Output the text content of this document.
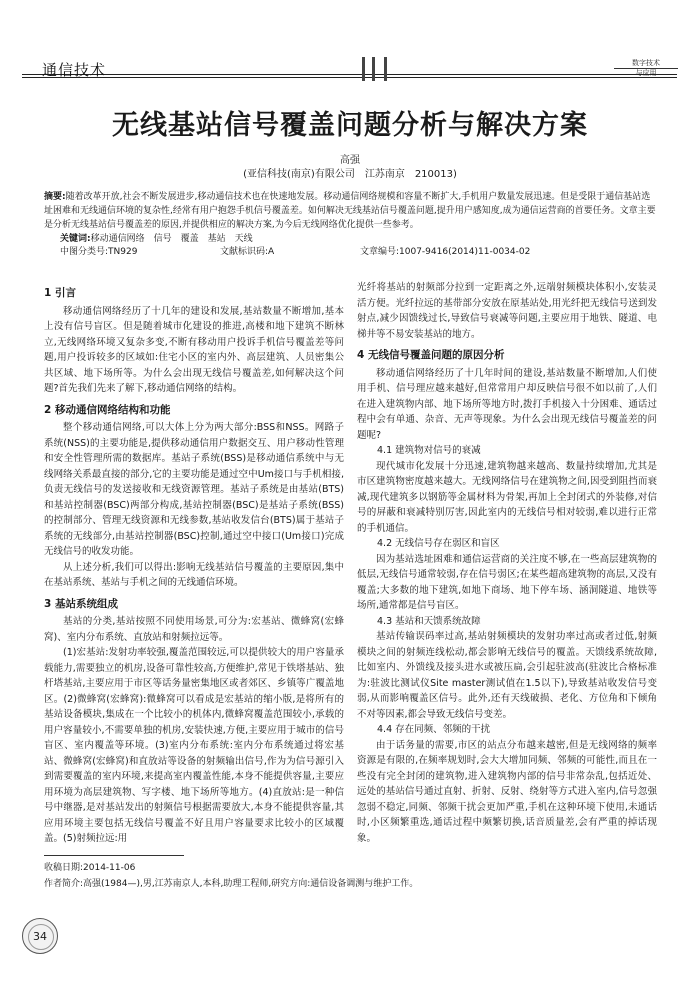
通信技术	数字技术
与应用
无线基站信号覆盖问题分析与解决方案
高强
(亚信科技(南京)有限公司　江苏南京　210013)

摘要:随着改革开放,社会不断发展进步,移动通信技术也在快速地发展。移动通信网络规模和容量不断扩大,手机用户数量发展迅速。但是受限于通信基站选址困难和无线通信环境的复杂性,经常有用户抱怨手机信号覆盖差。如何解决无线基站信号覆盖问题,提升用户感知度,成为通信运营商的首要任务。文章主要是分析无线基站信号覆盖差的原因,并提供相应的解决方案,为今后无线网络优化提供一些参考。

关键词:移动通信网络　信号　覆盖　基站　天线
中图分类号:TN929	文献标识码:A	文章编号:1007-9416(2014)11-0034-02
1 引言

移动通信网络经历了十几年的建设和发展,基站数量不断增加,基本上没有信号盲区。但是随着城市化建设的推进,高楼和地下建筑不断林立,无线网络环境又复杂多变,不断有移动用户投诉手机信号覆盖差等问题,用户投诉较多的区域如:住宅小区的室内外、高层建筑、人员密集公共区域、地下场所等。为什么会出现无线信号覆盖差,如何解决这个问题?首先我们先来了解下,移动通信网络的结构。

2 移动通信网络结构和功能

整个移动通信网络,可以大体上分为两大部分:BSS和NSS。网路子系统(NSS)的主要功能是,提供移动通信用户数据交互、用户移动性管理和安全性管理所需的数据库。基站子系统(BSS)是移动通信系统中与无线网络关系最直接的部分,它的主要功能是通过空中Um接口与手机相接,负责无线信号的发送接收和无线资源管理。基站子系统是由基站(BTS)和基站控制器(BSC)两部分构成,基站控制器(BSC)是基站子系统(BSS)的控制部分、管理无线资源和无线参数,基站收发信台(BTS)属于基站子系统的无线部分,由基站控制器(BSC)控制,通过空中接口(Um接口)完成无线信号的收发功能。

从上述分析,我们可以得出:影响无线基站信号覆盖的主要原因,集中在基站系统、基站与手机之间的无线通信环境。

3 基站系统组成

基站的分类,基站按照不同使用场景,可分为:宏基站、微蜂窝(宏蜂窝)、室内分布系统、直放站和射频拉远等。

(1)宏基站:发射功率较强,覆盖范围较远,可以提供较大的用户容量承载能力,需要独立的机房,设备可靠性较高,方便维护,常见于铁塔基站、独杆塔基站,主要应用于市区等话务量密集地区或者郊区、乡镇等广覆盖地区。(2)微蜂窝(宏蜂窝):微蜂窝可以看成是宏基站的缩小版,是将所有的基站设备模块,集成在一个比较小的机体内,微蜂窝覆盖范围较小,承载的用户容量较小,不需要单独的机房,安装快速,方便,主要应用于城市的信号盲区、室内覆盖等环境。(3)室内分布系统:室内分布系统通过将宏基站、微蜂窝(宏蜂窝)和直放站等设备的射频输出信号,作为为信号源引入到需要覆盖的室内环境,来提高室内覆盖性能,本身不能提供容量,主要应用环境为高层建筑物、写字楼、地下场所等地方。(4)直放站:是一种信号中继器,是对基站发出的射频信号根据需要放大,本身不能提供容量,其应用环境主要包括无线信号覆盖不好且用户容量要求比较小的区域覆盖。(5)射频拉远:用

光纤将基站的射频部分拉到一定距离之外,远端射频模块体积小,安装灵活方便。光纤拉远的基带部分安放在原基站处,用光纤把无线信号送到发射点,减少因馈线过长,导致信号衰减等问题,主要应用于地铁、隧道、电梯井等不易安装基站的地方。

4 无线信号覆盖问题的原因分析

移动通信网络经历了十几年时间的建设,基站数量不断增加,人们使用手机、信号理应越来越好,但常常用户却反映信号很不如以前了,人们在进入建筑物内部、地下场所等地方时,拨打手机接入十分困难、通话过程中会有单通、杂音、无声等现象。为什么会出现无线信号覆盖差的问题呢?

4.1 建筑物对信号的衰减

现代城市化发展十分迅速,建筑物越来越高、数量持续增加,尤其是市区建筑物密度越来越大。无线网络信号在建筑物之间,因受到阻挡而衰减,现代建筑多以钢筋等金属材料为骨架,再加上全封闭式的外装修,对信号的屏蔽和衰减特别厉害,因此室内的无线信号相对较弱,难以进行正常的手机通信。

4.2 无线信号存在弱区和盲区

因为基站选址困难和通信运营商的关注度不够,在一些高层建筑物的低层,无线信号通常较弱,存在信号弱区;在某些超高建筑物的高层,又没有覆盖;大多数的地下建筑,如地下商场、地下停车场、涵洞隧道、地铁等场所,通常都是信号盲区。

4.3 基站和天馈系统故障

基站传输误码率过高,基站射频模块的发射功率过高或者过低,射频模块之间的射频连线松动,都会影响无线信号的覆盖。天馈线系统故障,比如室内、外馈线及接头进水或被压扁,会引起驻波高(驻波比合格标准为:驻波比测试仪Site master测试值在1.5以下),导致基站收发信号变弱,从而影响覆盖区信号。此外,还有天线破损、老化、方位角和下倾角不对等因素,都会导致无线信号变差。

4.4 存在同频、邻频的干扰

由于话务量的需要,市区的站点分布越来越密,但是无线网络的频率资源是有限的,在频率规划时,会大大增加同频、邻频的可能性,而且在一些没有完全封闭的建筑物,进入建筑物内部的信号非常杂乱,包括近处、远处的基站信号通过直射、折射、反射、绕射等方式进入室内,信号忽强忽弱不稳定,同频、邻频干扰会更加严重,手机在这种环境下使用,未通话时,小区频繁重选,通话过程中频繁切换,话音质量差,会有严重的掉话现象。

收稿日期:2014-11-06
作者简介:高强(1984—),男,江苏南京人,本科,助理工程师,研究方向:通信设备调测与维护工作。
34
